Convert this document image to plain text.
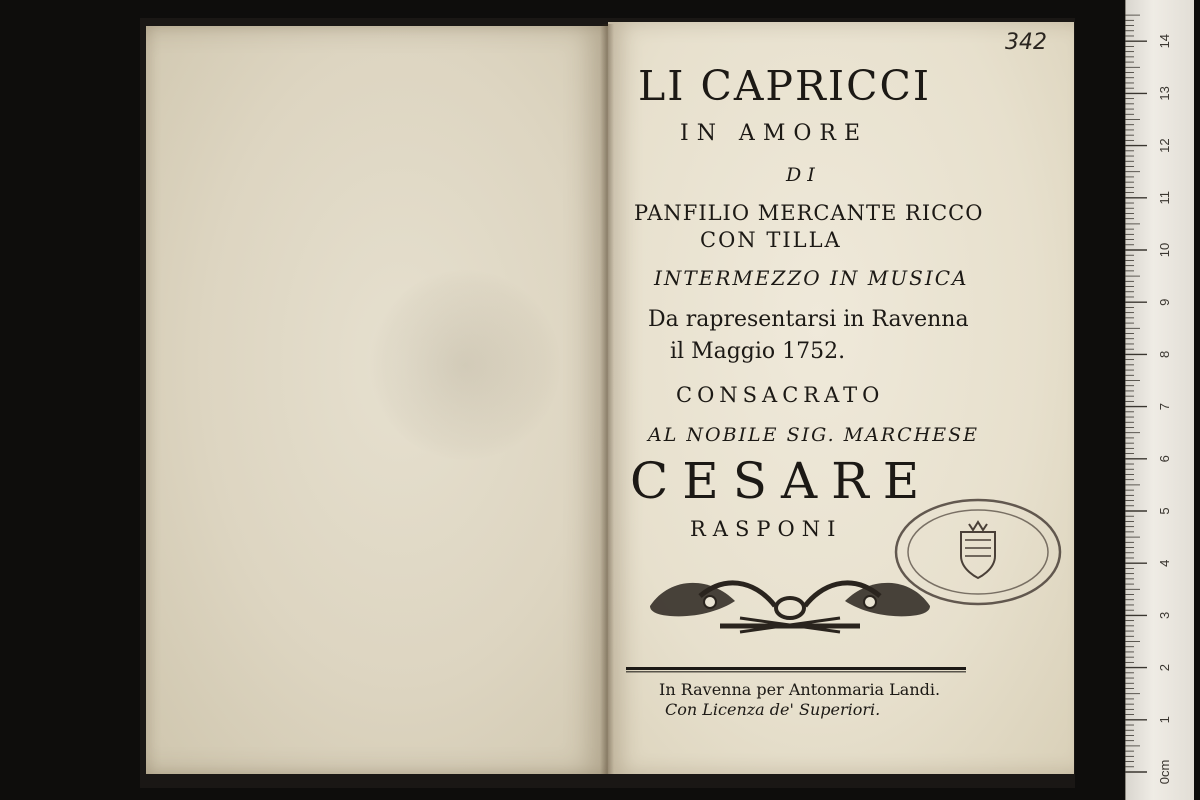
342
LI CAPRICCI
IN AMORE
DI
PANFILIO MERCANTE RICCO
CON TILLA
INTERMEZZO IN MUSICA
Da rapresentarsi in Ravenna
il Maggio 1752.
CONSACRATO
AL NOBILE SIG. MARCHESE
CESARE
RASPONI
In Ravenna per Antonmaria Landi.
Con Licenza de' Superiori.
0cm
1
2
3
4
5
6
7
8
9
10
11
12
13
14
